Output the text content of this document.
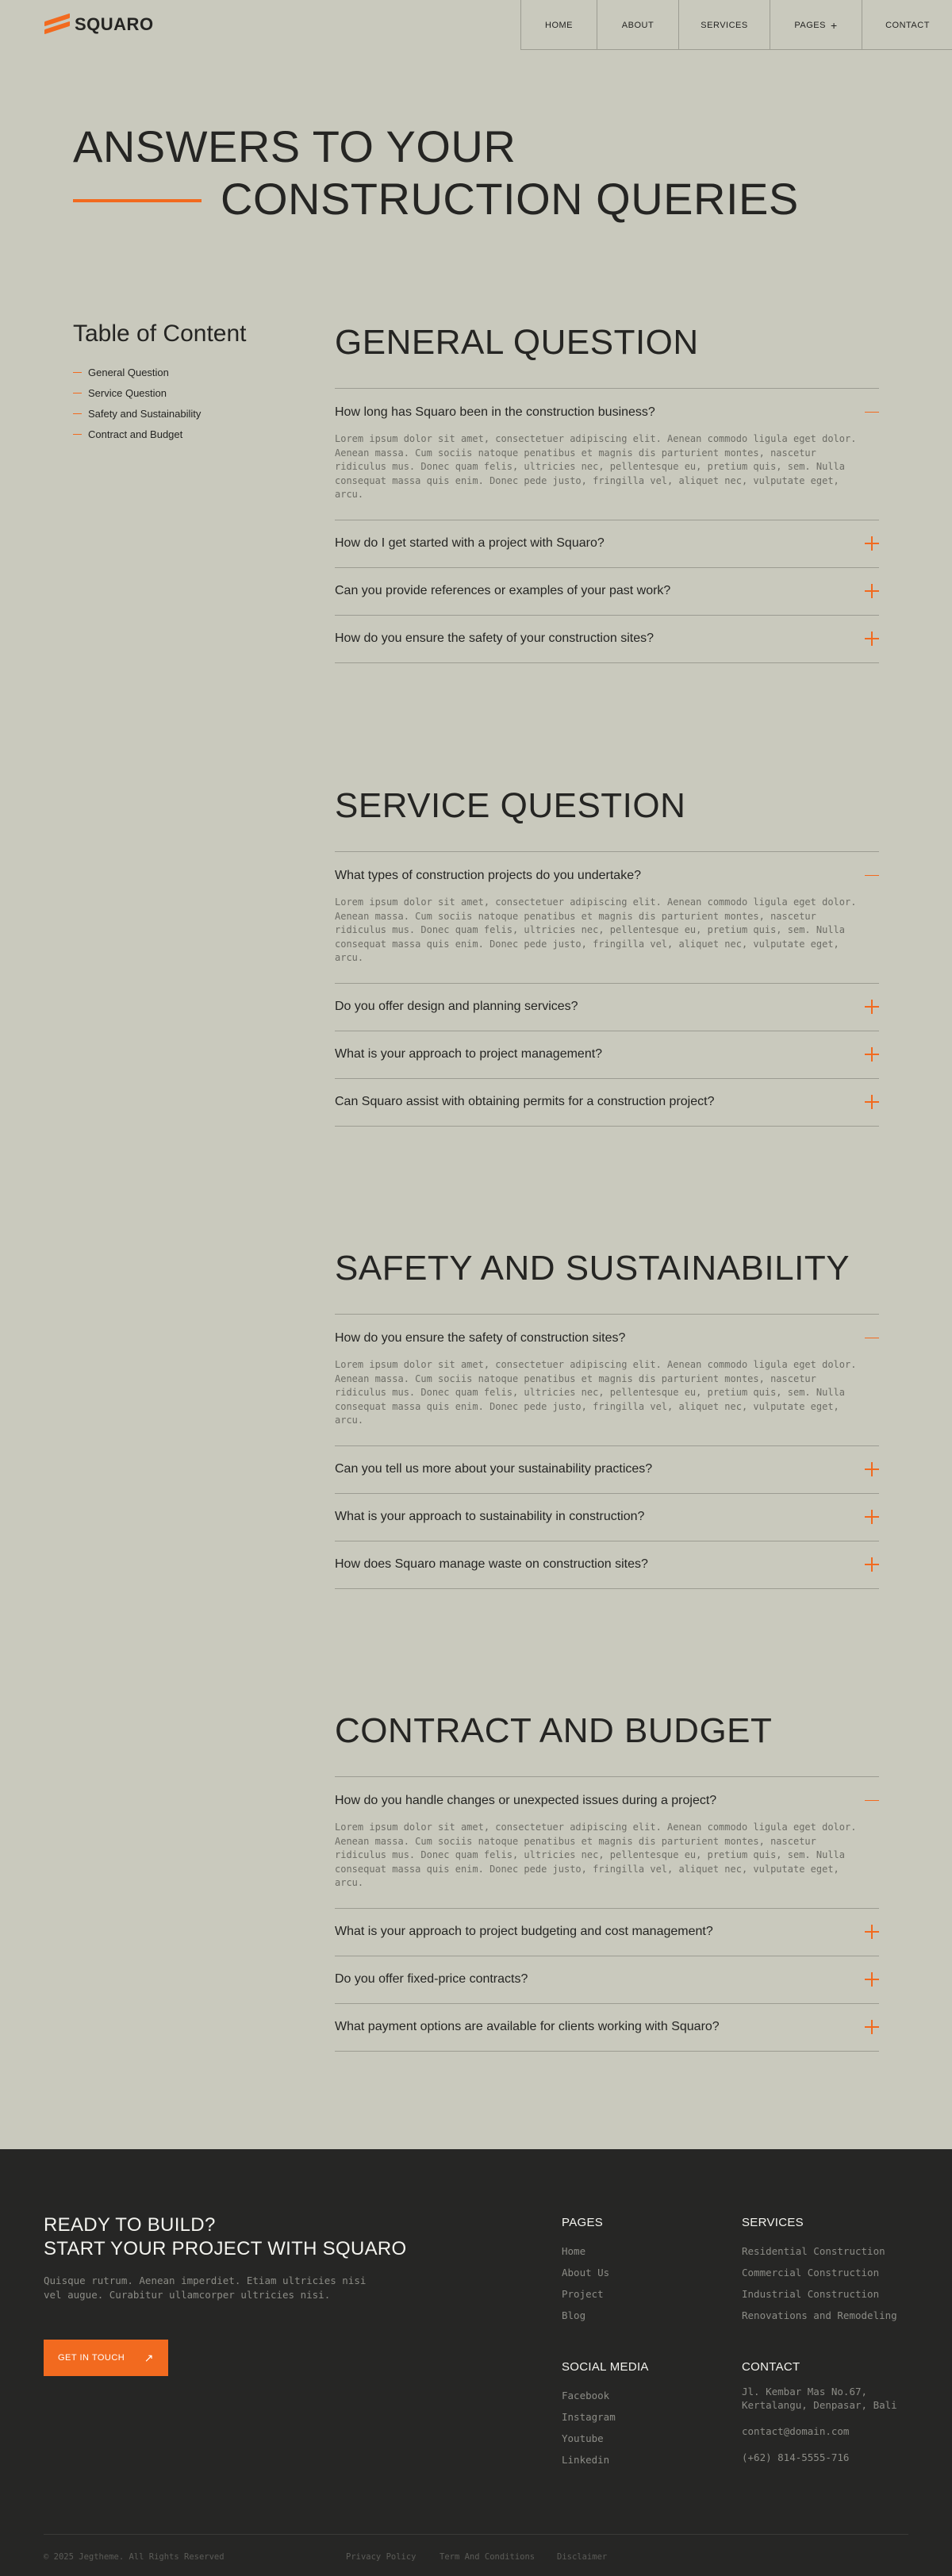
SQUARO	HOME	ABOUT	SERVICES	PAGES +	CONTACT
ANSWERS TO YOUR
CONSTRUCTION QUERIES
Table of Content
General Question
Service Question
Safety and Sustainability
Contract and Budget
GENERAL QUESTION
How long has Squaro been in the construction business?

Lorem ipsum dolor sit amet, consectetuer adipiscing elit. Aenean commodo ligula eget dolor. Aenean massa. Cum sociis natoque penatibus et magnis dis parturient montes, nascetur ridiculus mus. Donec quam felis, ultricies nec, pellentesque eu, pretium quis, sem. Nulla consequat massa quis enim. Donec pede justo, fringilla vel, aliquet nec, vulputate eget, arcu.

How do I get started with a project with Squaro?
Can you provide references or examples of your past work?
How do you ensure the safety of your construction sites?
SERVICE QUESTION
What types of construction projects do you undertake?

Lorem ipsum dolor sit amet, consectetuer adipiscing elit. Aenean commodo ligula eget dolor. Aenean massa. Cum sociis natoque penatibus et magnis dis parturient montes, nascetur ridiculus mus. Donec quam felis, ultricies nec, pellentesque eu, pretium quis, sem. Nulla consequat massa quis enim. Donec pede justo, fringilla vel, aliquet nec, vulputate eget, arcu.

Do you offer design and planning services?
What is your approach to project management?
Can Squaro assist with obtaining permits for a construction project?
SAFETY AND SUSTAINABILITY
How do you ensure the safety of construction sites?

Lorem ipsum dolor sit amet, consectetuer adipiscing elit. Aenean commodo ligula eget dolor. Aenean massa. Cum sociis natoque penatibus et magnis dis parturient montes, nascetur ridiculus mus. Donec quam felis, ultricies nec, pellentesque eu, pretium quis, sem. Nulla consequat massa quis enim. Donec pede justo, fringilla vel, aliquet nec, vulputate eget, arcu.

Can you tell us more about your sustainability practices?
What is your approach to sustainability in construction?
How does Squaro manage waste on construction sites?
CONTRACT AND BUDGET
How do you handle changes or unexpected issues during a project?

Lorem ipsum dolor sit amet, consectetuer adipiscing elit. Aenean commodo ligula eget dolor. Aenean massa. Cum sociis natoque penatibus et magnis dis parturient montes, nascetur ridiculus mus. Donec quam felis, ultricies nec, pellentesque eu, pretium quis, sem. Nulla consequat massa quis enim. Donec pede justo, fringilla vel, aliquet nec, vulputate eget, arcu.

What is your approach to project budgeting and cost management?
Do you offer fixed-price contracts?
What payment options are available for clients working with Squaro?
READY TO BUILD?
START YOUR PROJECT WITH SQUARO

Quisque rutrum. Aenean imperdiet. Etiam ultricies nisi vel augue. Curabitur ullamcorper ultricies nisi.

GET IN TOUCH ↗
PAGES
Home
About Us
Project
Blog
SERVICES
Residential Construction
Commercial Construction
Industrial Construction
Renovations and Remodeling
SOCIAL MEDIA
Facebook
Instagram
Youtube
Linkedin
CONTACT
Jl. Kembar Mas No.67, Kertalangu, Denpasar, Bali
contact@domain.com
(+62) 814-5555-716
© 2025 Jegtheme. All Rights Reserved	Privacy Policy	Term And Conditions	Disclaimer
